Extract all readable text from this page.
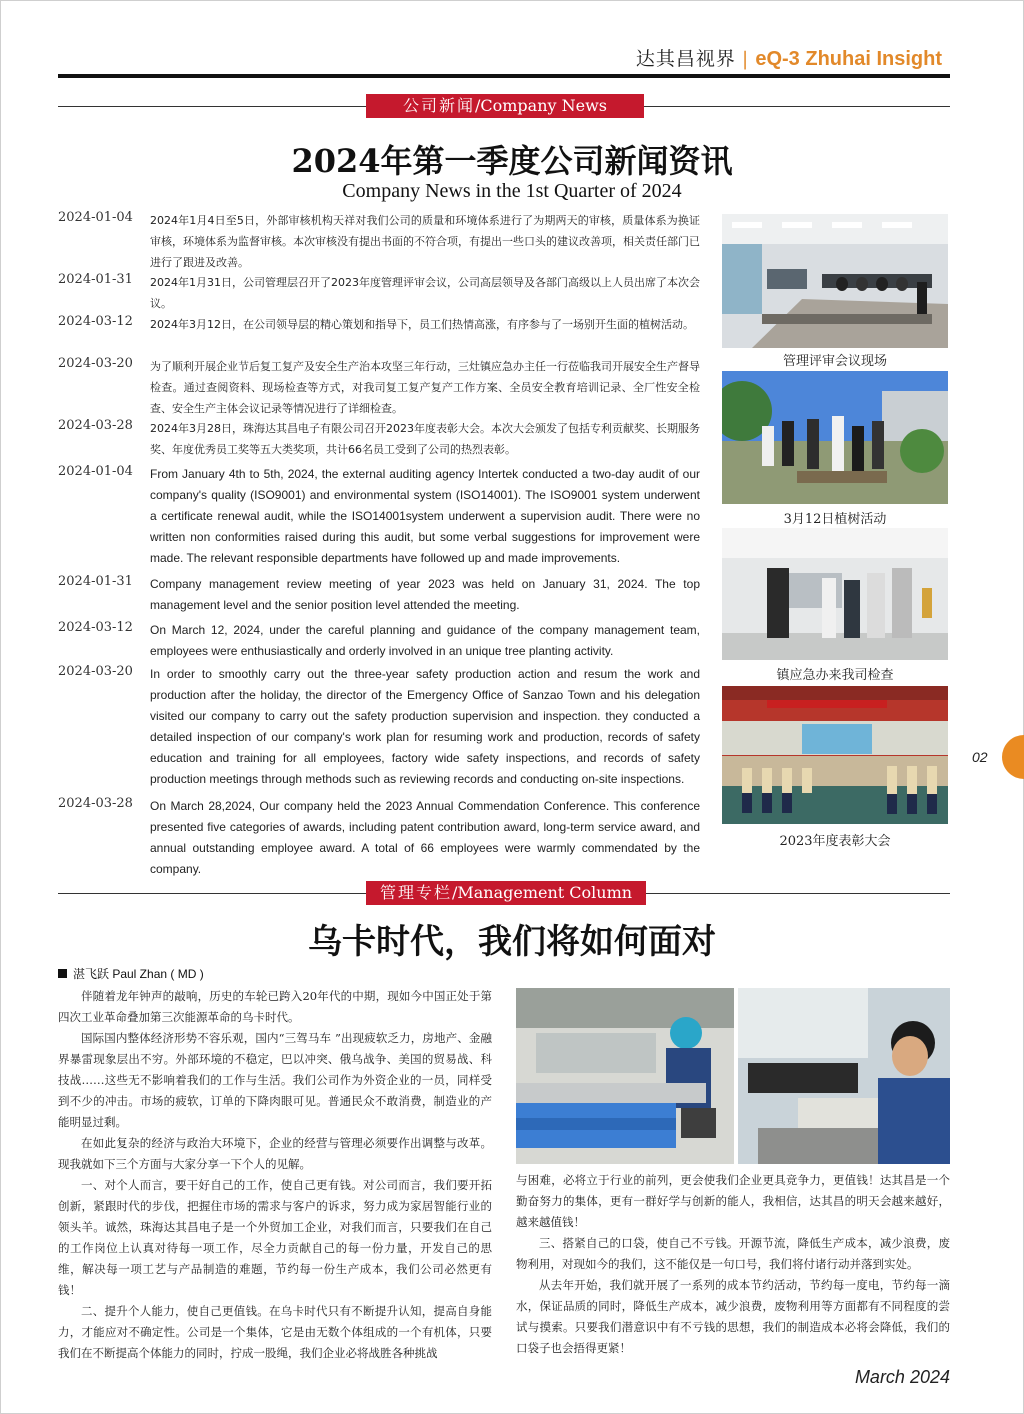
达其昌视界 | eQ-3 Zhuhai Insight
公司新闻/Company News
2024年第一季度公司新闻资讯
Company News in the 1st Quarter of 2024
2024-01-04 2024年1月4日至5日，外部审核机构天祥对我们公司的质量和环境体系进行了为期两天的审核，质量体系为换证审核，环境体系为监督审核。本次审核没有提出书面的不符合项，有提出一些口头的建议改善项，相关责任部门已进行了跟进及改善。
2024-01-31 2024年1月31日，公司管理层召开了2023年度管理评审会议，公司高层领导及各部门高级以上人员出席了本次会议。
2024-03-12 2024年3月12日，在公司领导层的精心策划和指导下，员工们热情高涨，有序参与了一场别开生面的植树活动。
2024-03-20 为了顺利开展企业节后复工复产及安全生产治本攻坚三年行动，三灶镇应急办主任一行莅临我司开展安全生产督导检查。通过查阅资料、现场检查等方式，对我司复工复产复产工作方案、全员安全教育培训记录、全厂性安全检查、安全生产主体会议记录等情况进行了详细检查。
2024-03-28 2024年3月28日，珠海达其昌电子有限公司召开2023年度表彰大会。本次大会颁发了包括专利贡献奖、长期服务奖、年度优秀员工奖等五大类奖项，共计66名员工受到了公司的热烈表彰。
2024-01-04 From January 4th to 5th, 2024, the external auditing agency Intertek conducted a two-day audit of our company's quality (ISO9001) and environmental system (ISO14001). The ISO9001 system underwent a certificate renewal audit, while the ISO14001system underwent a supervision audit. There were no written non conformities raised during this audit, but some verbal suggestions for improvement were made. The relevant responsible departments have followed up and made improvements.
2024-01-31 Company management review meeting of year 2023 was held on January 31, 2024. The top management level and the senior position level attended the meeting.
2024-03-12 On March 12, 2024, under the careful planning and guidance of the company management team, employees were enthusiastically and orderly involved in an unique tree planting activity.
2024-03-20 In order to smoothly carry out the three-year safety production action and resum the work and production after the holiday, the director of the Emergency Office of Sanzao Town and his delegation visited our company to carry out the safety production supervision and inspection. they conducted a detailed inspection of our company's work plan for resuming work and production, records of safety education and training for all employees, factory wide safety inspections, and records of safety production meetings through methods such as reviewing records and conducting on-site inspections.
2024-03-28 On March 28,2024, Our company held the 2023 Annual Commendation Conference. This conference presented five categories of awards, including patent contribution award, long-term service award, and annual outstanding employee award. A total of 66 employees were warmly commendated by the company.
管理评审会议现场
3月12日植树活动
镇应急办来我司检查
2023年度表彰大会
02
管理专栏/Management Column
乌卡时代，我们将如何面对
湛飞跃 Paul Zhan ( MD )

伴随着龙年钟声的敲响，历史的车轮已跨入20年代的中期，现如今中国正处于第四次工业革命叠加第三次能源革命的乌卡时代。

国际国内整体经济形势不容乐观，国内“三驾马车 ”出现疲软乏力，房地产、金融界暴雷现象层出不穷。外部环境的不稳定，巴以冲突、俄乌战争、美国的贸易战、科技战……这些无不影响着我们的工作与生活。我们公司作为外资企业的一员，同样受到不少的冲击。市场的疲软，订单的下降肉眼可见。普通民众不敢消费，制造业的产能明显过剩。

在如此复杂的经济与政治大环境下，企业的经营与管理必须要作出调整与改革。现我就如下三个方面与大家分享一下个人的见解。

一、对个人而言，要干好自己的工作，使自己更有钱。对公司而言，我们要开拓创新，紧跟时代的步伐，把握住市场的需求与客户的诉求，努力成为家居智能行业的领头羊。诚然，珠海达其昌电子是一个外贸加工企业，对我们而言，只要我们在自己的工作岗位上认真对待每一项工作，尽全力贡献自己的每一份力量，开发自己的思维，解决每一项工艺与产品制造的难题，节约每一份生产成本，我们公司必然更有钱！

二、提升个人能力，使自己更值钱。在乌卡时代只有不断提升认知，提高自身能力，才能应对不确定性。公司是一个集体，它是由无数个体组成的一个有机体，只要我们在不断提高个体能力的同时，拧成一股绳，我们企业必将战胜各种挑战

与困难，必将立于行业的前列，更会使我们企业更具竞争力，更值钱！达其昌是一个勤奋努力的集体，更有一群好学与创新的能人，我相信，达其昌的明天会越来越好，越来越值钱！

三、搭紧自己的口袋，使自己不亏钱。开源节流，降低生产成本，减少浪费，废物利用，对现如今的我们，这不能仅是一句口号，我们将付诸行动并落到实处。

从去年开始，我们就开展了一系列的成本节约活动，节约每一度电，节约每一滴水，保证品质的同时，降低生产成本，减少浪费，废物利用等方面都有不同程度的尝试与摸索。只要我们潜意识中有不亏钱的思想，我们的制造成本必将会降低，我们的口袋子也会捂得更紧！

March 2024
